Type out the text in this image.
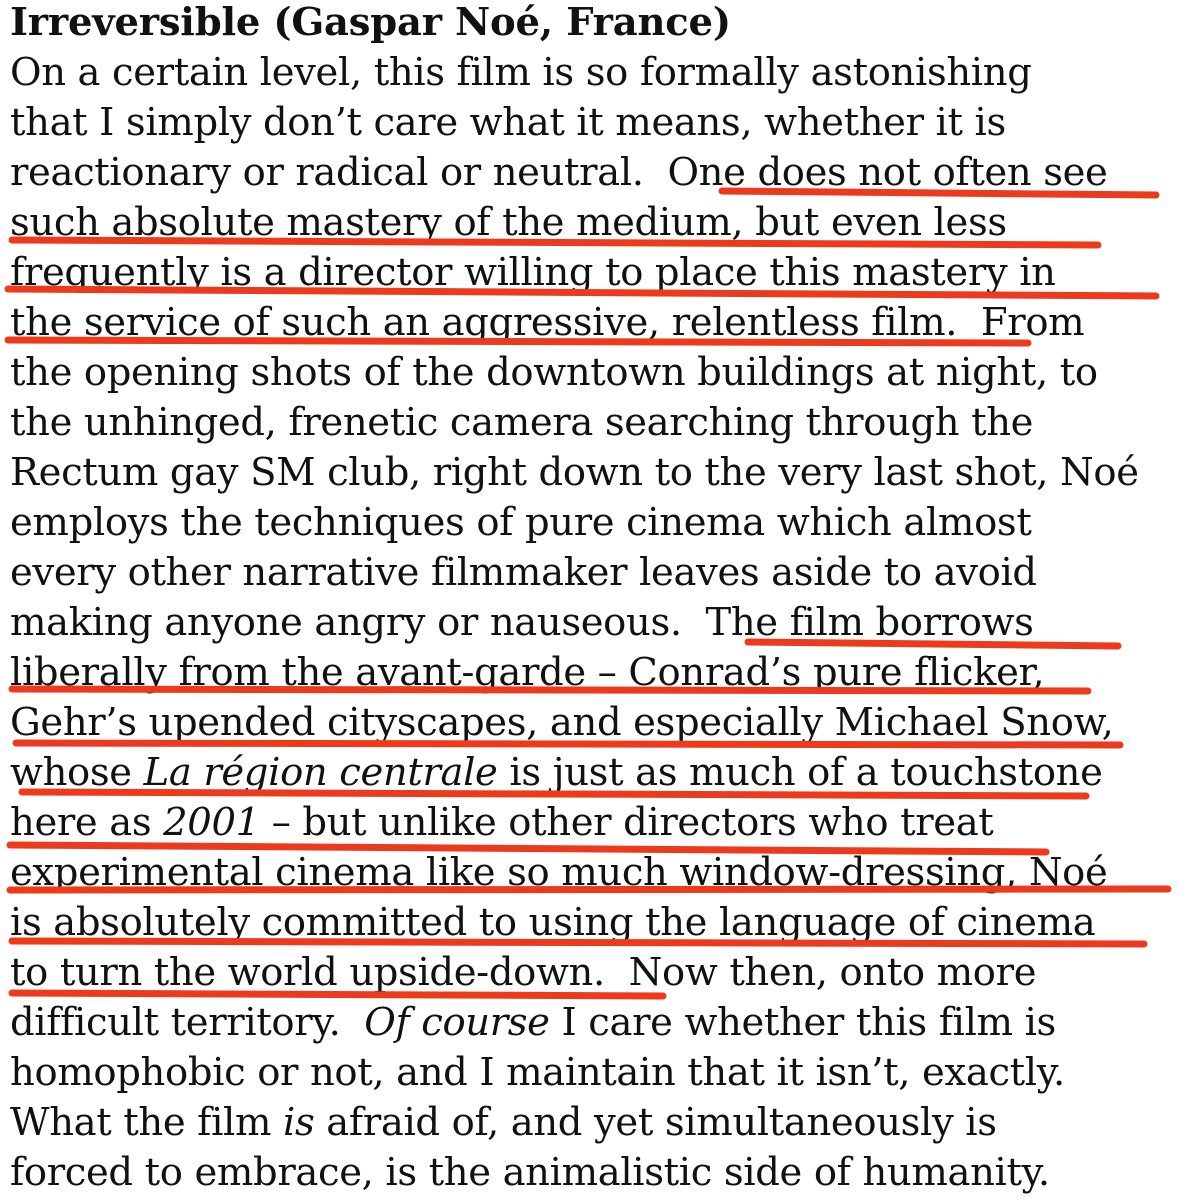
Irreversible (Gaspar Noé, France)
On a certain level, this film is so formally astonishing
that I simply don’t care what it means, whether it is
reactionary or radical or neutral.  One does not often see
such absolute mastery of the medium, but even less
frequently is a director willing to place this mastery in
the service of such an aggressive, relentless film.  From
the opening shots of the downtown buildings at night, to
the unhinged, frenetic camera searching through the
Rectum gay SM club, right down to the very last shot, Noé
employs the techniques of pure cinema which almost
every other narrative filmmaker leaves aside to avoid
making anyone angry or nauseous.  The film borrows
liberally from the avant-garde – Conrad’s pure flicker,
Gehr’s upended cityscapes, and especially Michael Snow,
whose La région centrale is just as much of a touchstone
here as 2001 – but unlike other directors who treat
experimental cinema like so much window-dressing, Noé
is absolutely committed to using the language of cinema
to turn the world upside-down.  Now then, onto more
difficult territory.  Of course I care whether this film is
homophobic or not, and I maintain that it isn’t, exactly.
What the film is afraid of, and yet simultaneously is
forced to embrace, is the animalistic side of humanity.
